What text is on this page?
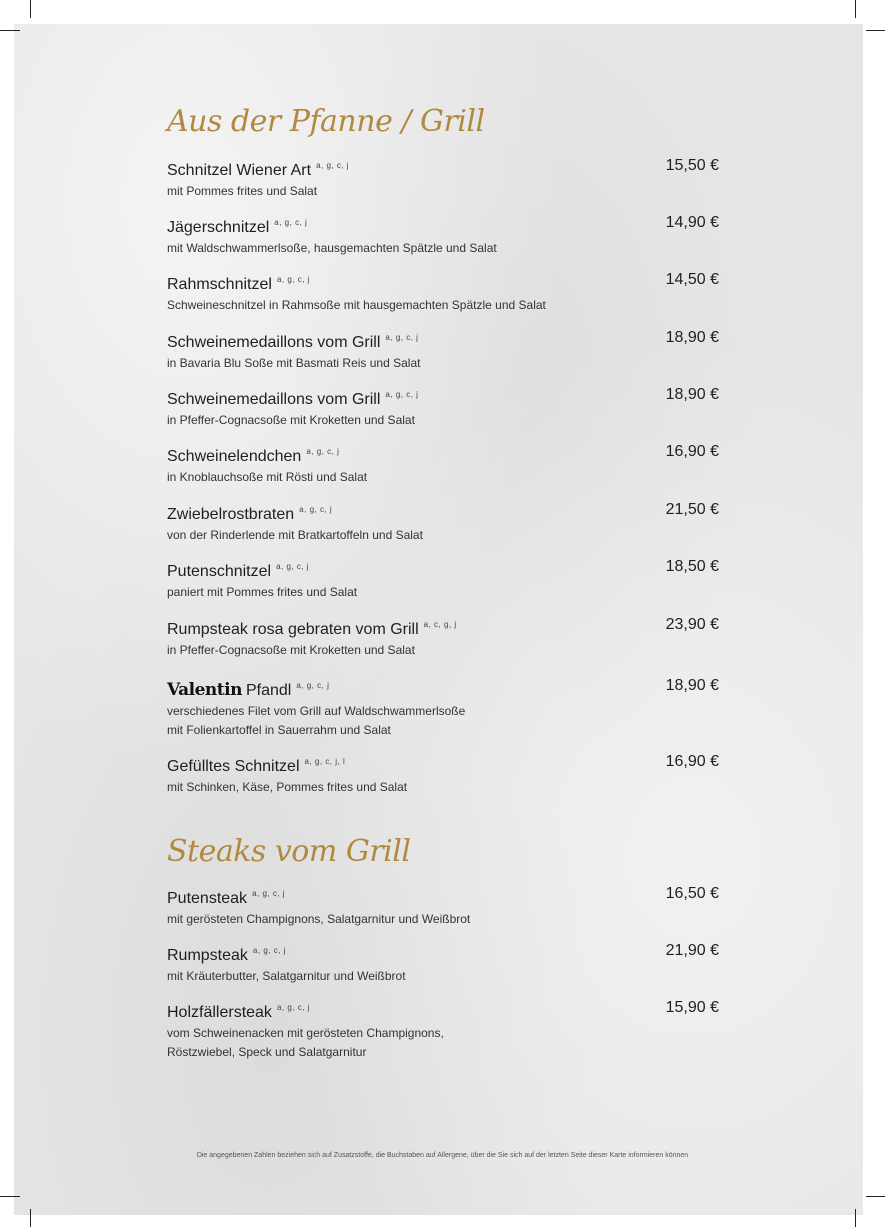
Aus der Pfanne / Grill
Schnitzel Wiener Art $^{a, g, c, j}$
mit Pommes frites und Salat
15,50 €
Jägerschnitzel $^{a, g, c, j}$
mit Waldschwammerlsoße, hausgemachten Spätzle und Salat
14,90 €
Rahmschnitzel $^{a, g, c, j}$
Schweineschnitzel in Rahmsoße mit hausgemachten Spätzle und Salat
14,50 €
Schweinemedaillons vom Grill $^{a, g, c, j}$
in Bavaria Blu Soße mit Basmati Reis und Salat
18,90 €
Schweinemedaillons vom Grill $^{a, g, c, j}$
in Pfeffer-Cognacsoße mit Kroketten und Salat
18,90 €
Schweinelendchen $^{a, g, c, j}$
in Knoblauchsoße mit Rösti und Salat
16,90 €
Zwiebelrostbraten $^{a, g, c, j}$
von der Rinderlende mit Bratkartoffeln und Salat
21,50 €
Putenschnitzel $^{a, g, c, j}$
paniert mit Pommes frites und Salat
18,50 €
Rumpsteak rosa gebraten vom Grill $^{a, c, g, j}$
in Pfeffer-Cognacsoße mit Kroketten und Salat
23,90 €
Valentin Pfandl $^{a, g, c, j}$
verschiedenes Filet vom Grill auf Waldschwammerlsoße
mit Folienkartoffel in Sauerrahm und Salat
18,90 €
Gefülltes Schnitzel $^{a, g, c, j, l}$
mit Schinken, Käse, Pommes frites und Salat
16,90 €
Steaks vom Grill
Putensteak $^{a, g, c, j}$
mit gerösteten Champignons, Salatgarnitur und Weißbrot
16,50 €
Rumpsteak $^{a, g, c, j}$
mit Kräuterbutter, Salatgarnitur und Weißbrot
21,90 €
Holzfällersteak $^{a, g, c, j}$
vom Schweinenacken mit gerösteten Champignons,
Röstzwiebel, Speck und Salatgarnitur
15,90 €
Die angegebenen Zahlen beziehen sich auf Zusatzstoffe, die Buchstaben auf Allergene, über die Sie sich auf der letzten Seite dieser Karte informieren können
